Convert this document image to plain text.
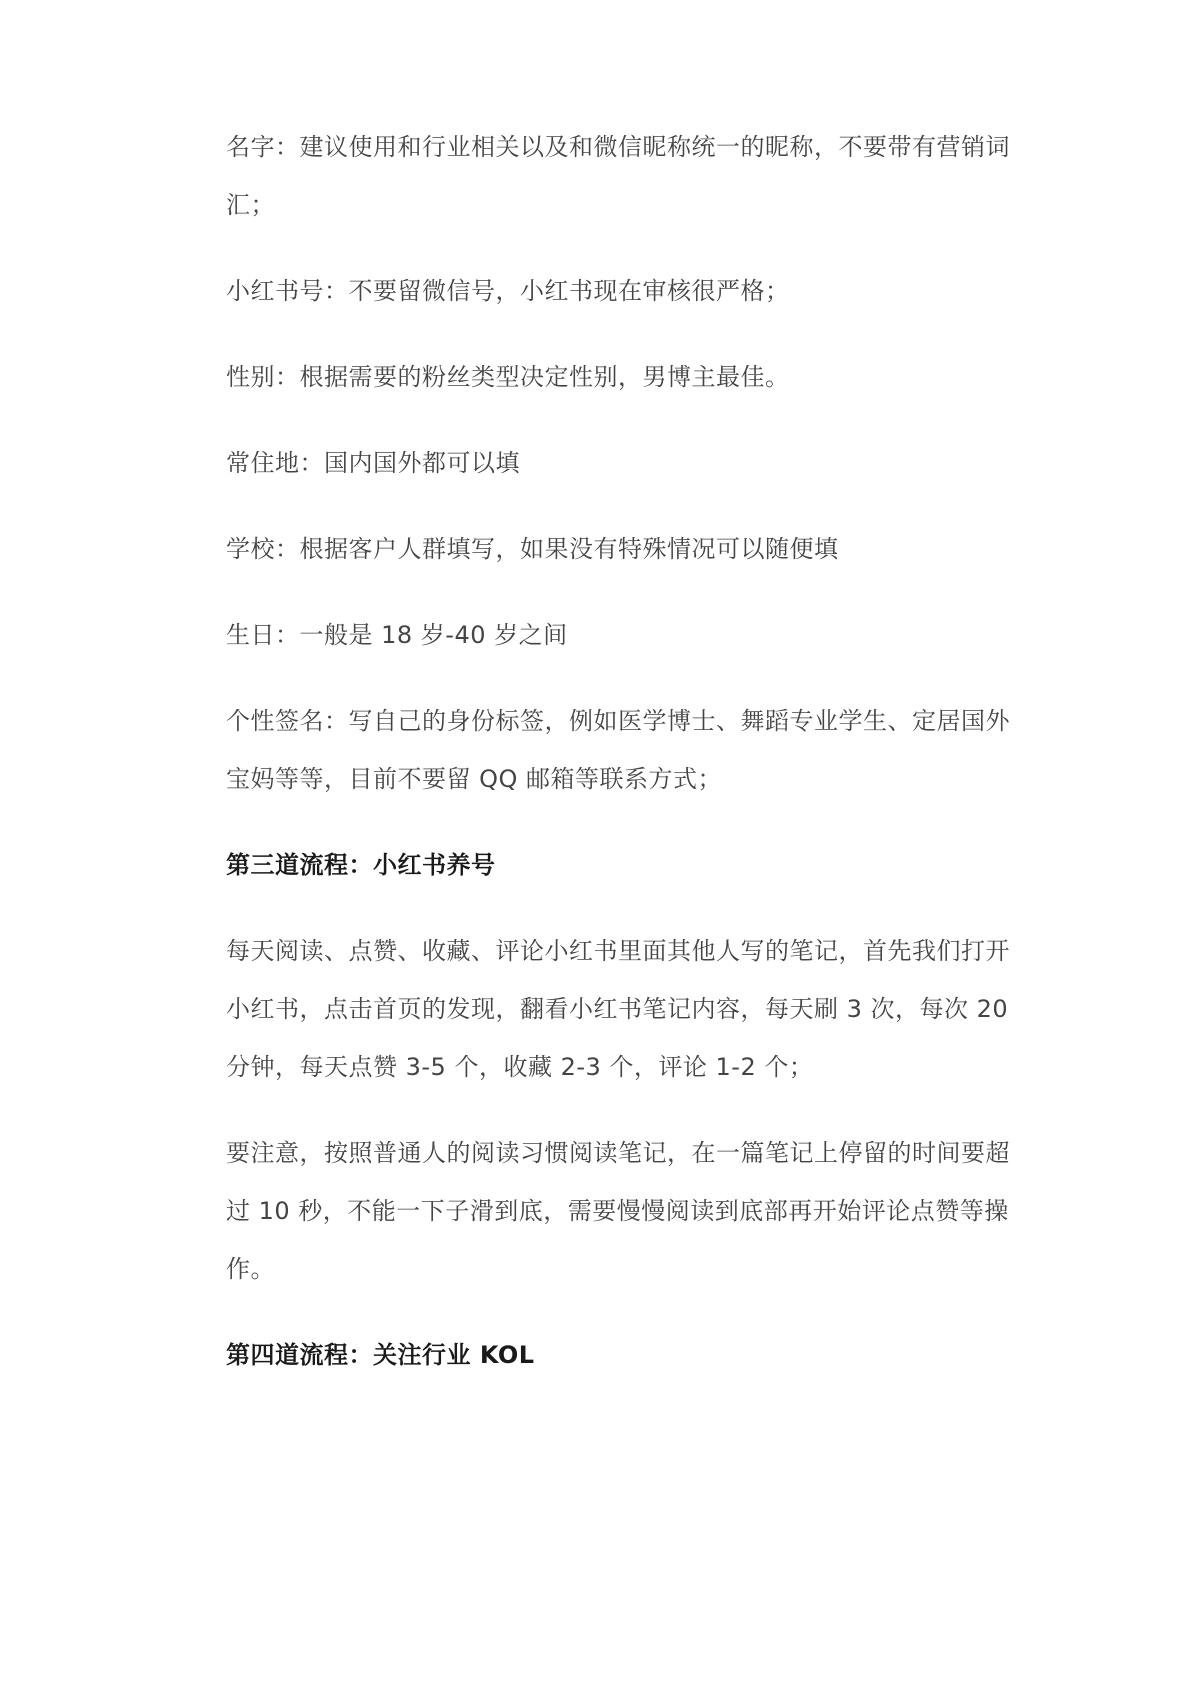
名字：建议使用和行业相关以及和微信昵称统一的昵称，不要带有营销词汇；

小红书号：不要留微信号，小红书现在审核很严格；

性别：根据需要的粉丝类型决定性别，男博主最佳。

常住地：国内国外都可以填

学校：根据客户人群填写，如果没有特殊情况可以随便填

生日：一般是 18 岁-40 岁之间

个性签名：写自己的身份标签，例如医学博士、舞蹈专业学生、定居国外宝妈等等，目前不要留 QQ 邮箱等联系方式；

第三道流程：小红书养号

每天阅读、点赞、收藏、评论小红书里面其他人写的笔记，首先我们打开小红书，点击首页的发现，翻看小红书笔记内容，每天刷 3 次，每次 20 分钟，每天点赞 3-5 个，收藏 2-3 个，评论 1-2 个；

要注意，按照普通人的阅读习惯阅读笔记，在一篇笔记上停留的时间要超过 10 秒，不能一下子滑到底，需要慢慢阅读到底部再开始评论点赞等操作。

第四道流程：关注行业 KOL
